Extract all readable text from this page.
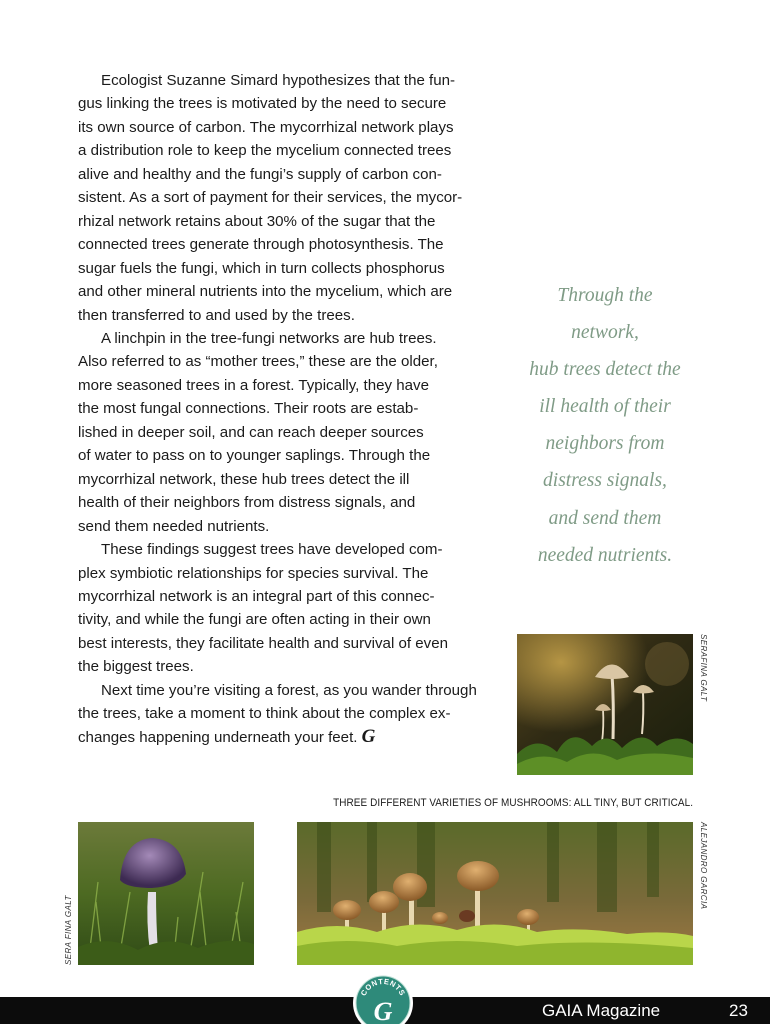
Ecologist Suzanne Simard hypothesizes that the fun-
gus linking the trees is motivated by the need to secure
its own source of carbon. The mycorrhizal network plays
a distribution role to keep the mycelium connected trees
alive and healthy and the fungi’s supply of carbon con-
sistent. As a sort of payment for their services, the mycor-
rhizal network retains about 30% of the sugar that the
connected trees generate through photosynthesis. The
sugar fuels the fungi, which in turn collects phosphorus
and other mineral nutrients into the mycelium, which are
then transferred to and used by the trees.
A linchpin in the tree-fungi networks are hub trees.
Also referred to as “mother trees,” these are the older,
more seasoned trees in a forest. Typically, they have
the most fungal connections. Their roots are estab-
lished in deeper soil, and can reach deeper sources
of water to pass on to younger saplings. Through the
mycorrhizal network, these hub trees detect the ill
health of their neighbors from distress signals, and
send them needed nutrients.
These findings suggest trees have developed com-
plex symbiotic relationships for species survival. The
mycorrhizal network is an integral part of this connec-
tivity, and while the fungi are often acting in their own
best interests, they facilitate health and survival of even
the biggest trees.
Next time you’re visiting a forest, as you wander through
the trees, take a moment to think about the complex ex-
changes happening underneath your feet. G
Through the
network,
hub trees detect the
ill health of their
neighbors from
distress signals,
and send them
needed nutrients.
SERAFINA GALT
THREE DIFFERENT VARIETIES OF MUSHROOMS: ALL TINY, BUT CRITICAL.
SERA FINA GALT
ALEJANDRO GARCIA
GAIA Magazine	23
CONTENTS
G
